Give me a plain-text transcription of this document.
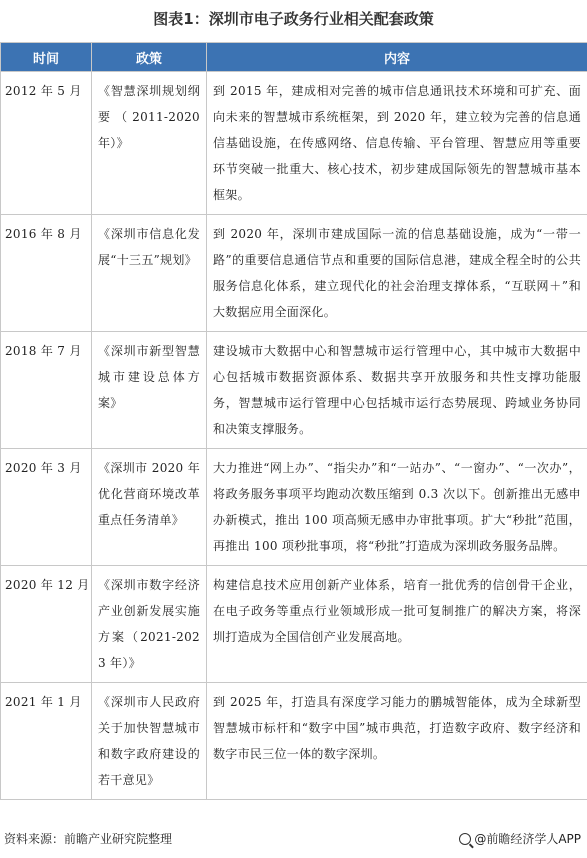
图表1：深圳市电子政务行业相关配套政策
时间	政策	内容
2012 年 5 月	《智慧深圳规划纲要（2011-2020年）》	到 2015 年，建成相对完善的城市信息通讯技术环境和可扩充、面向未来的智慧城市系统框架，到 2020 年，建立较为完善的信息通信基础设施，在传感网络、信息传输、平台管理、智慧应用等重要环节突破一批重大、核心技术，初步建成国际领先的智慧城市基本框架。
2016 年 8 月	《深圳市信息化发展“十三五”规划》	到 2020 年，深圳市建成国际一流的信息基础设施，成为“一带一路”的重要信息通信节点和重要的国际信息港，建成全程全时的公共服务信息化体系，建立现代化的社会治理支撑体系，“互联网＋”和大数据应用全面深化。
2018 年 7 月	《深圳市新型智慧城市建设总体方案》	建设城市大数据中心和智慧城市运行管理中心，其中城市大数据中心包括城市数据资源体系、数据共享开放服务和共性支撑功能服务，智慧城市运行管理中心包括城市运行态势展现、跨域业务协同和决策支撑服务。
2020 年 3 月	《深圳市 2020 年优化营商环境改革重点任务清单》	大力推进“网上办”、“指尖办”和“一站办”、“一窗办”、“一次办”，将政务服务事项平均跑动次数压缩到 0.3 次以下。创新推出无感申办新模式，推出 100 项高频无感申办审批事项。扩大“秒批”范围，再推出 100 项秒批事项，将“秒批”打造成为深圳政务服务品牌。
2020 年 12 月	《深圳市数字经济产业创新发展实施方案（2021-2023 年）》	构建信息技术应用创新产业体系，培育一批优秀的信创骨干企业，在电子政务等重点行业领域形成一批可复制推广的解决方案，将深圳打造成为全国信创产业发展高地。
2021 年 1 月	《深圳市人民政府关于加快智慧城市和数字政府建设的若干意见》	到 2025 年，打造具有深度学习能力的鹏城智能体，成为全球新型智慧城市标杆和“数字中国”城市典范，打造数字政府、数字经济和数字市民三位一体的数字深圳。
资料来源：前瞻产业研究院整理	@前瞻经济学人APP
